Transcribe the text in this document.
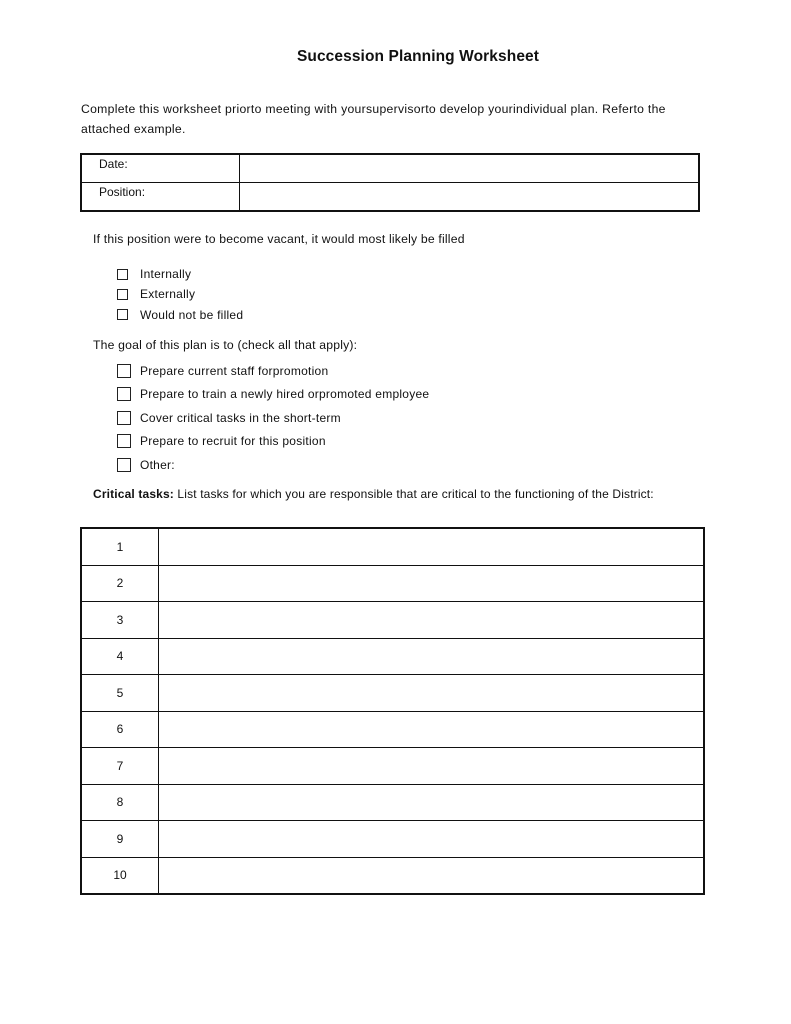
Succession Planning Worksheet
Complete this worksheet priorto meeting with yoursupervisorto develop yourindividual plan. Referto the attached example.
Date:	
Position:	
If this position were to become vacant, it would most likely be filled
Internally
Externally
Would not be filled
The goal of this plan is to (check all that apply):
Prepare current staff forpromotion
Prepare to train a newly hired orpromoted employee
Cover critical tasks in the short-term
Prepare to recruit for this position
Other:
Critical tasks: List tasks for which you are responsible that are critical to the functioning of the District:
1	
2	
3	
4	
5	
6	
7	
8	
9	
10	
